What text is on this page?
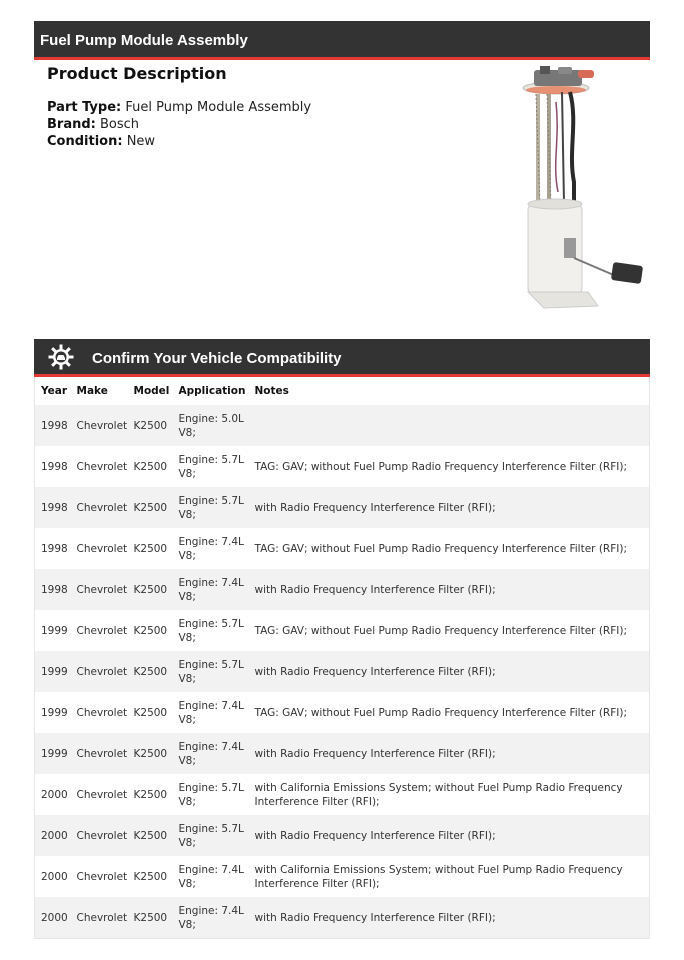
Fuel Pump Module Assembly
Product Description
Part Type: Fuel Pump Module Assembly
Brand: Bosch
Condition: New
Confirm Your Vehicle Compatibility
Year	Make	Model	Application	Notes
1998	Chevrolet	K2500	Engine: 5.0L V8;	
1998	Chevrolet	K2500	Engine: 5.7L V8;	TAG: GAV; without Fuel Pump Radio Frequency Interference Filter (RFI);
1998	Chevrolet	K2500	Engine: 5.7L V8;	with Radio Frequency Interference Filter (RFI);
1998	Chevrolet	K2500	Engine: 7.4L V8;	TAG: GAV; without Fuel Pump Radio Frequency Interference Filter (RFI);
1998	Chevrolet	K2500	Engine: 7.4L V8;	with Radio Frequency Interference Filter (RFI);
1999	Chevrolet	K2500	Engine: 5.7L V8;	TAG: GAV; without Fuel Pump Radio Frequency Interference Filter (RFI);
1999	Chevrolet	K2500	Engine: 5.7L V8;	with Radio Frequency Interference Filter (RFI);
1999	Chevrolet	K2500	Engine: 7.4L V8;	TAG: GAV; without Fuel Pump Radio Frequency Interference Filter (RFI);
1999	Chevrolet	K2500	Engine: 7.4L V8;	with Radio Frequency Interference Filter (RFI);
2000	Chevrolet	K2500	Engine: 5.7L V8;	with California Emissions System; without Fuel Pump Radio Frequency Interference Filter (RFI);
2000	Chevrolet	K2500	Engine: 5.7L V8;	with Radio Frequency Interference Filter (RFI);
2000	Chevrolet	K2500	Engine: 7.4L V8;	with California Emissions System; without Fuel Pump Radio Frequency Interference Filter (RFI);
2000	Chevrolet	K2500	Engine: 7.4L V8;	with Radio Frequency Interference Filter (RFI);
